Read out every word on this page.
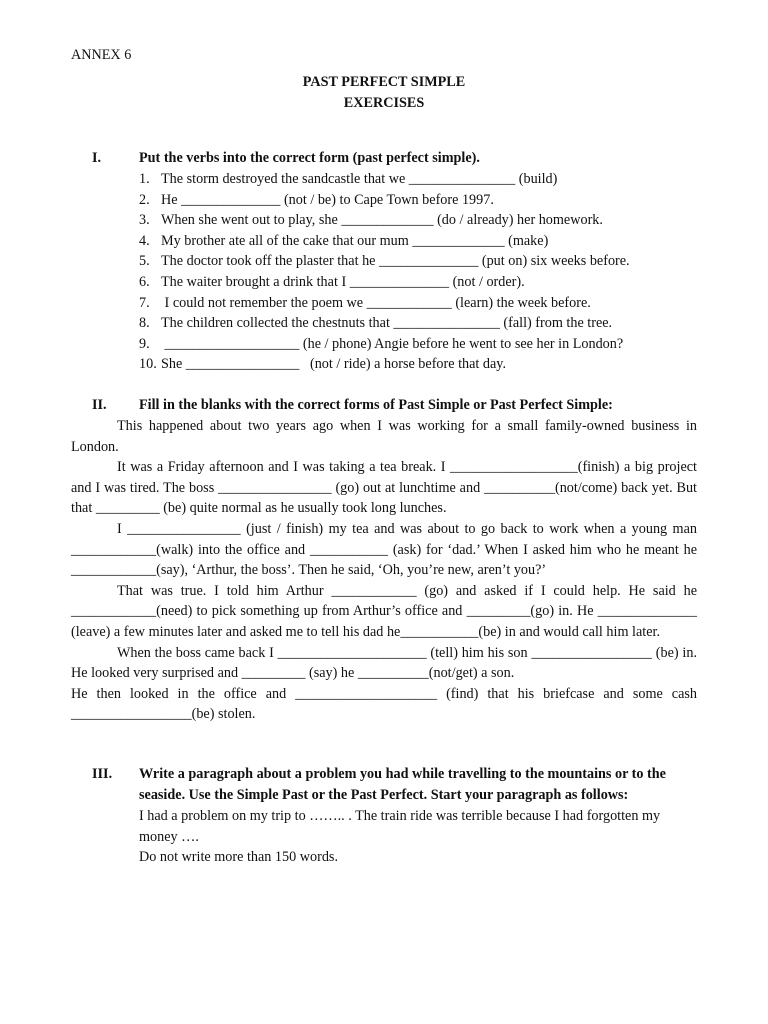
ANNEX 6
PAST PERFECT SIMPLE
EXERCISES
I.	Put the verbs into the correct form (past perfect simple).
1. The storm destroyed the sandcastle that we _______________ (build)
2. He ______________ (not / be) to Cape Town before 1997.
3. When she went out to play, she _____________ (do / already) her homework.
4. My brother ate all of the cake that our mum _____________ (make)
5. The doctor took off the plaster that he ______________ (put on) six weeks before.
6. The waiter brought a drink that I ______________ (not / order).
7. I could not remember the poem we ____________ (learn) the week before.
8. The children collected the chestnuts that _______________ (fall) from the tree.
9. ___________________ (he / phone) Angie before he went to see her in London?
10. She ________________   (not / ride) a horse before that day.
II. Fill in the blanks with the correct forms of Past Simple or Past Perfect Simple:

This happened about two years ago when I was working for a small family-owned business in London.

It was a Friday afternoon and I was taking a tea break. I __________________(finish) a big project and I was tired. The boss ________________ (go) out at lunchtime and __________(not/come) back yet. But that _________ (be) quite normal as he usually took long lunches.

I ________________ (just / finish) my tea and was about to go back to work when a young man ____________(walk) into the office and ___________ (ask) for ‘dad.’ When I asked him who he meant he ____________(say), ‘Arthur, the boss’. Then he said, ‘Oh, you’re new, aren’t you?’

That was true. I told him Arthur ____________ (go) and asked if I could help. He said he ____________(need) to pick something up from Arthur’s office and _________(go) in. He ______________ (leave) a few minutes later and asked me to tell his dad he___________(be) in and would call him later.

When the boss came back I _____________________ (tell) him his son _________________ (be) in. He looked very surprised and _________ (say) he __________(not/get) a son.

He then looked in the office and ____________________ (find) that his briefcase and some cash _________________(be) stolen.

III. Write a paragraph about a problem you had while travelling to the mountains or to the seaside. Use the Simple Past or the Past Perfect. Start your paragraph as follows:

I had a problem on my trip to …….. . The train ride was terrible because I had forgotten my money ….

Do not write more than 150 words.
